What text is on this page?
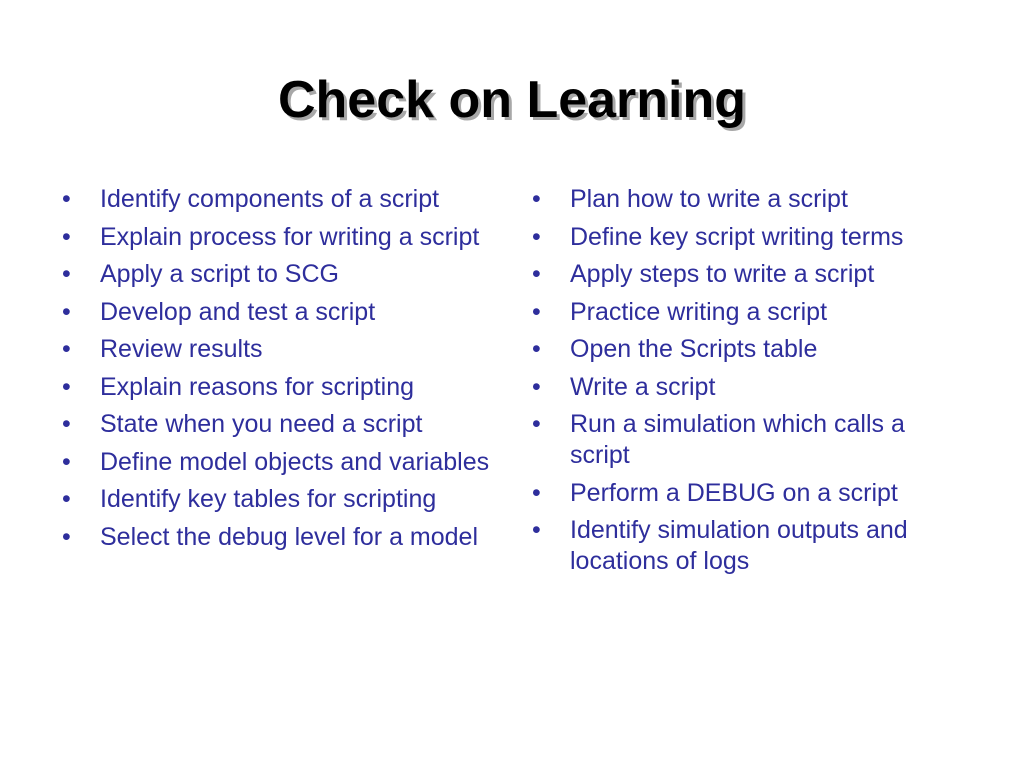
Check on Learning
• Identify components of a script
• Explain process for writing a script
• Apply a script to SCG
• Develop and test a script
• Review results
• Explain reasons for scripting
• State when you need a script
• Define model objects and variables
• Identify key tables for scripting
• Select the debug level for a model
• Plan how to write a script
• Define key script writing terms
• Apply steps to write a script
• Practice writing a script
• Open the Scripts table
• Write a script
• Run a simulation which calls a script
• Perform a DEBUG on a script
• Identify simulation outputs and locations of logs
